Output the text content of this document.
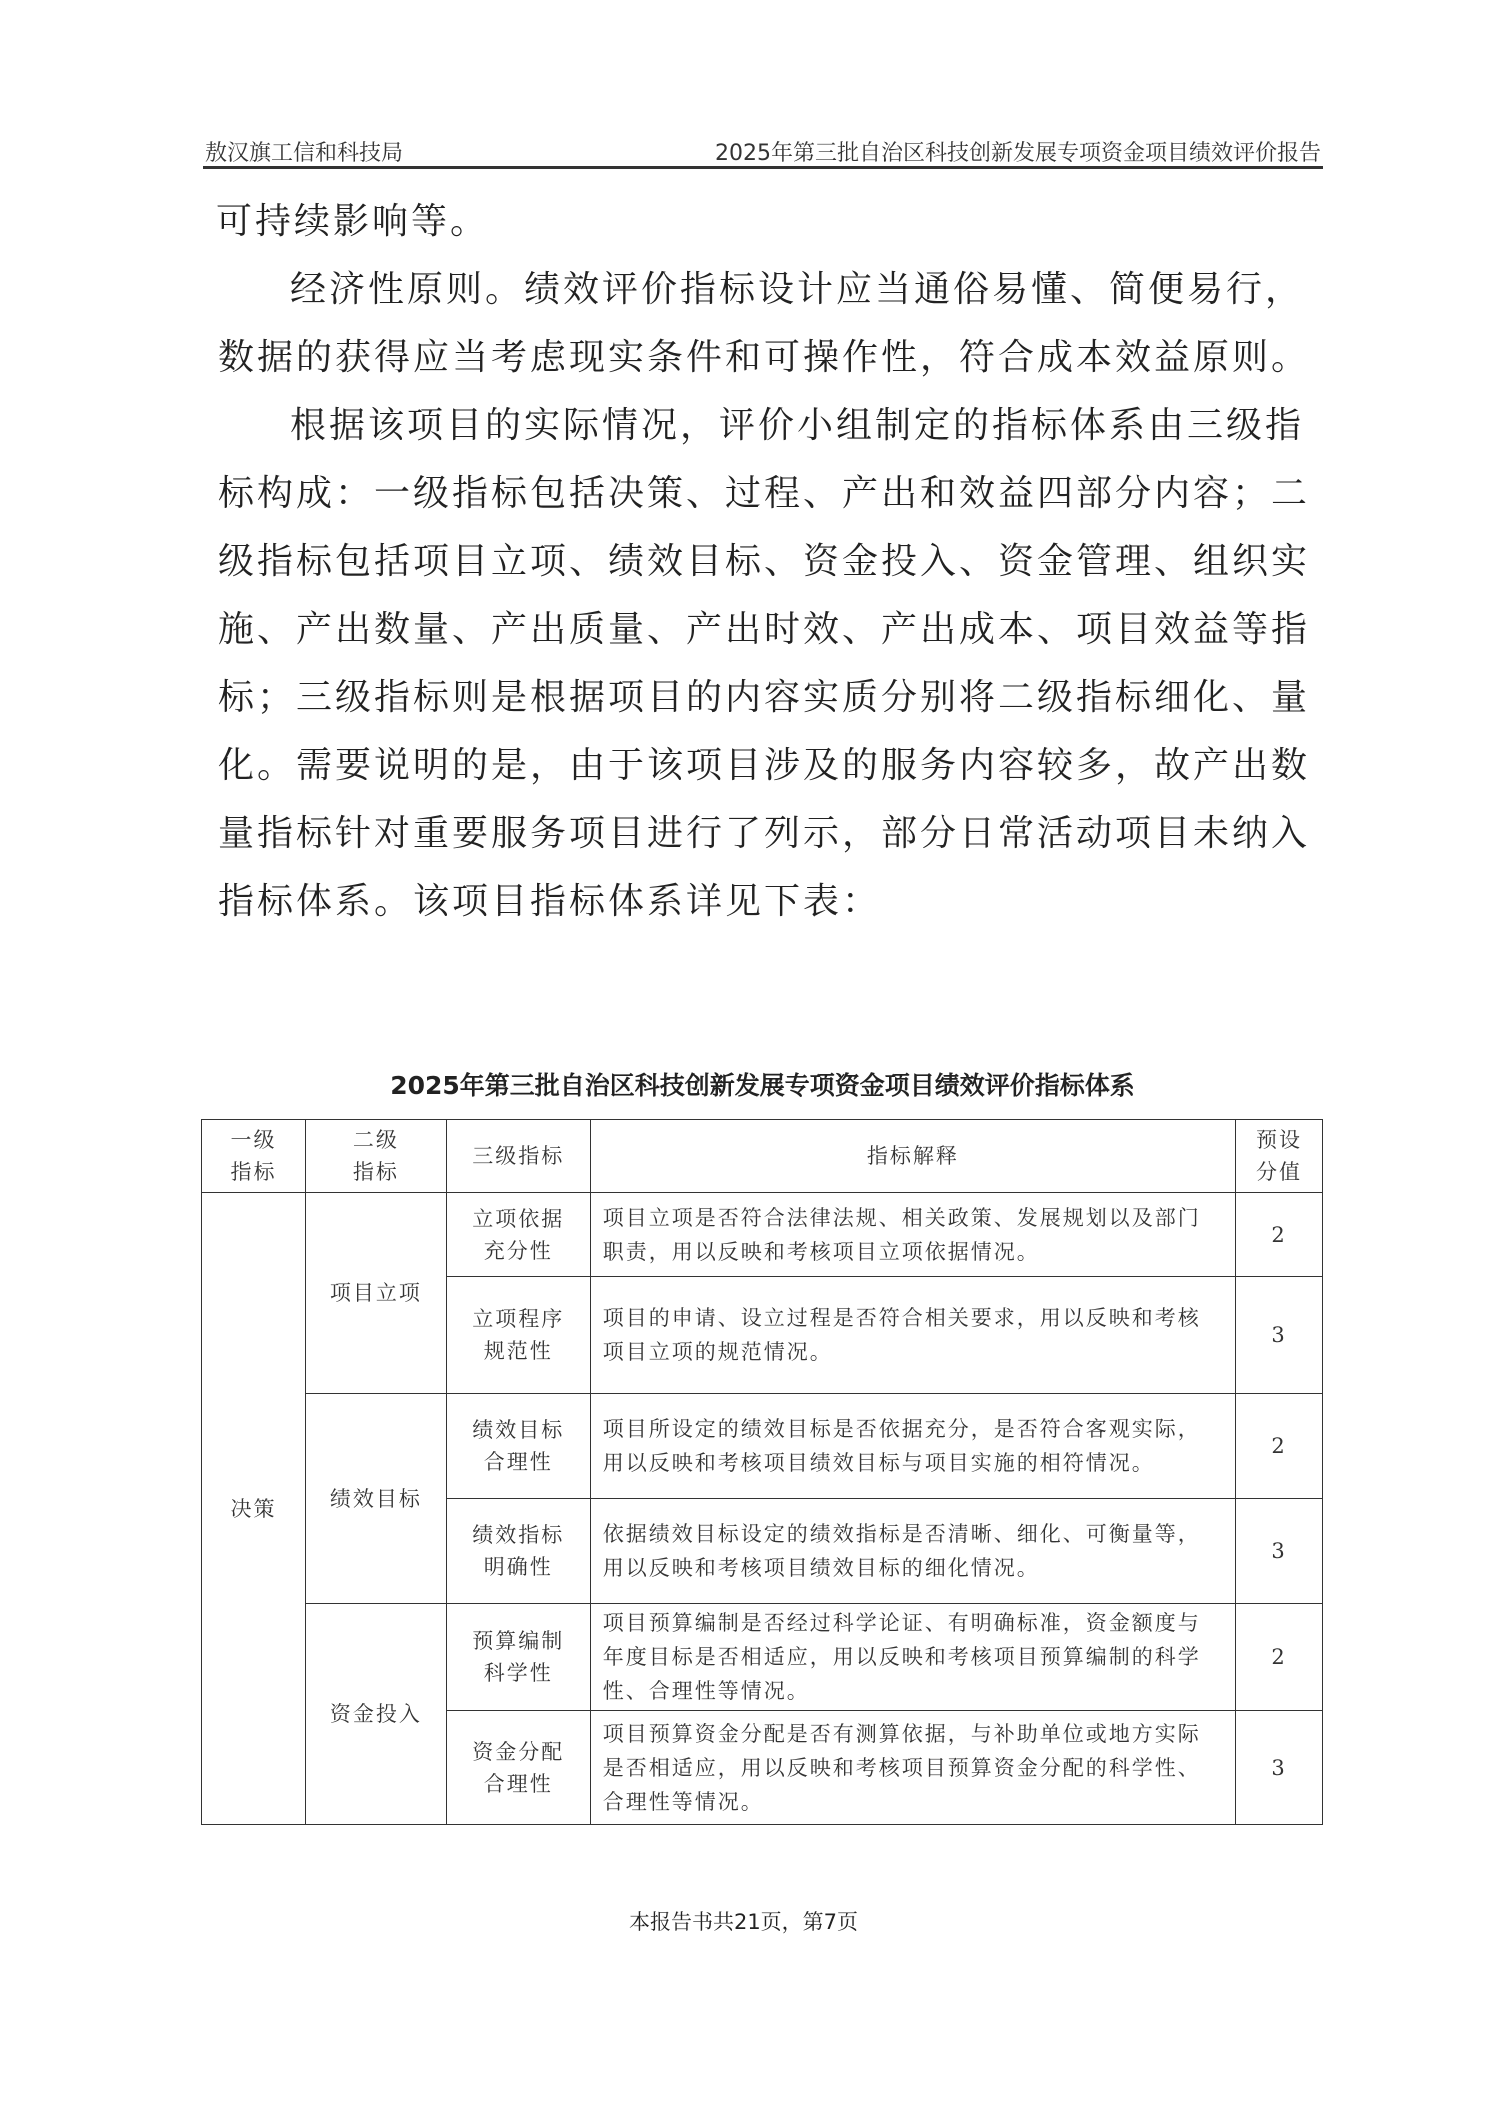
敖汉旗工信和科技局	2025年第三批自治区科技创新发展专项资金项目绩效评价报告

可持续影响等。

经济性原则。绩效评价指标设计应当通俗易懂、简便易行，数据的获得应当考虑现实条件和可操作性，符合成本效益原则。

根据该项目的实际情况，评价小组制定的指标体系由三级指标构成：一级指标包括决策、过程、产出和效益四部分内容；二级指标包括项目立项、绩效目标、资金投入、资金管理、组织实施、产出数量、产出质量、产出时效、产出成本、项目效益等指标；三级指标则是根据项目的内容实质分别将二级指标细化、量化。需要说明的是，由于该项目涉及的服务内容较多，故产出数量指标针对重要服务项目进行了列示，部分日常活动项目未纳入指标体系。该项目指标体系详见下表：

2025年第三批自治区科技创新发展专项资金项目绩效评价指标体系
一级指标	二级指标	三级指标	指标解释	预设分值
决策	项目立项	立项依据充分性	项目立项是否符合法律法规、相关政策、发展规划以及部门职责，用以反映和考核项目立项依据情况。	2
		立项程序规范性	项目的申请、设立过程是否符合相关要求，用以反映和考核项目立项的规范情况。	3
	绩效目标	绩效目标合理性	项目所设定的绩效目标是否依据充分，是否符合客观实际，用以反映和考核项目绩效目标与项目实施的相符情况。	2
		绩效指标明确性	依据绩效目标设定的绩效指标是否清晰、细化、可衡量等，用以反映和考核项目绩效目标的细化情况。	3
	资金投入	预算编制科学性	项目预算编制是否经过科学论证、有明确标准，资金额度与年度目标是否相适应，用以反映和考核项目预算编制的科学性、合理性等情况。	2
		资金分配合理性	项目预算资金分配是否有测算依据，与补助单位或地方实际是否相适应，用以反映和考核项目预算资金分配的科学性、合理性等情况。	3
本报告书共21页，第7页
